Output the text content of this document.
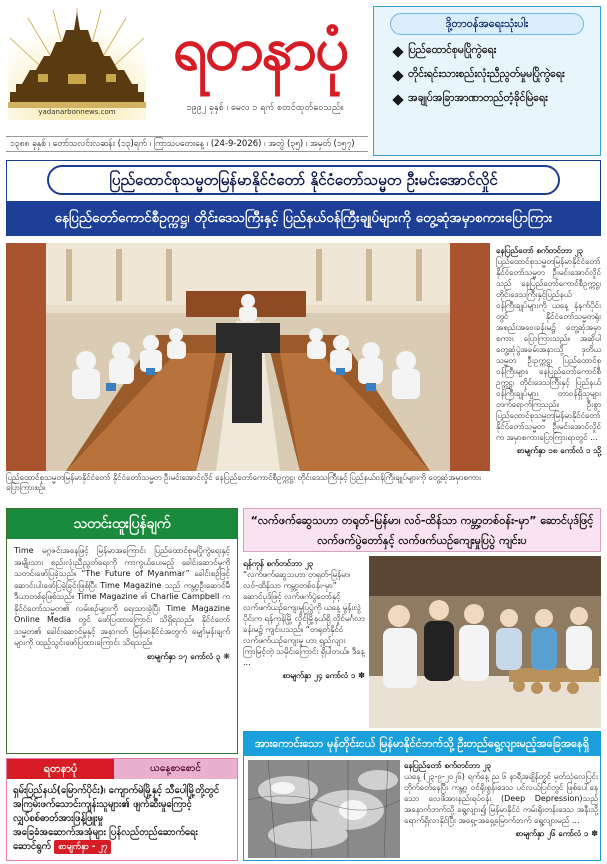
yadanarbonnews.com
ရတနာပုံ
၁၉၉၂ ခုနှစ် ၊ မေလ ၁ ရက် စတင်ထုတ်ဝေသည်။
ဒို့တာဝန်အရေးသုံးပါး
ပြည်ထောင်စုမပြိုကွဲရေး
တိုင်းရင်းသားစည်းလုံးညီညွတ်မှုမပြိုကွဲရေး
အချုပ်အခြာအာဏာတည်တံ့ခိုင်မြဲရေး
၁၃၈၈ ခုနှစ် ၊ တော်သလင်းလဆန်း (၁၃)ရက် ၊ ကြာသပတေးနေ့ ၊ (24-9-2026) ၊ အတွဲ (၃၅) ၊ အမှတ် (၁၅၇)
ပြည်ထောင်စုသမ္မတမြန်မာနိုင်ငံတော် နိုင်ငံတော်သမ္မတ ဦးမင်းအောင်လှိုင်
နေပြည်တော်ကောင်စီဥက္ကဋ္ဌ၊ တိုင်းဒေသကြီးနှင့် ပြည်နယ်ဝန်ကြီးချုပ်များကို တွေ့ဆုံအမှာစကားပြောကြား
ပြည်ထောင်စုသမ္မတမြန်မာနိုင်ငံတော် နိုင်ငံတော်သမ္မတ ဦးမင်းအောင်လှိုင် နေပြည်တော်ကောင်စီဥက္ကဋ္ဌ၊ တိုင်းဒေသကြီးနှင့် ပြည်နယ်ဝန်ကြီးချုပ်များကို တွေ့ဆုံအမှာစကား ပြောကြားစဉ်။
နေပြည်တော် စက်တင်ဘာ ၂၃
ပြည်ထောင်စုသမ္မတမြန်မာနိုင်ငံတော် နိုင်ငံတော်သမ္မတ ဦးမင်းအောင်လှိုင်သည် နေပြည်တော်ကောင်စီဥက္ကဋ္ဌ၊ တိုင်းဒေသကြီးနှင့်ပြည်နယ်ဝန်ကြီးချုပ်များကို ယနေ့ နံနက်ပိုင်းတွင် နိုင်ငံတော်သမ္မတရုံး အစည်းအဝေးခန်းမ၌ တွေ့ဆုံအမှာစကား ပြောကြားသည်။ အဆိုပါ တွေ့ဆုံပွဲအခမ်းအနားသို့ ဒုတိယသမ္မတ ဦးဥက္ကဋ္ဌ၊ ပြည်ထောင်စု ဝန်ကြီးများ၊ နေပြည်တော်ကောင်စီဥက္ကဋ္ဌ၊ တိုင်းဒေသကြီးနှင့် ပြည်နယ်ဝန်ကြီးချုပ်များ တာဝန်ရှိသူများ တက်ရောက်ကြသည်။ ဦးစွာ ပြည်ထောင်စုသမ္မတမြန်မာနိုင်ငံတော် နိုင်ငံတော်သမ္မတ ဦးမင်းအောင်လှိုင်က အမှာစကားပြောကြားရာတွင် ...
စာမျက်နှာ ၁၈ ကော်လံ ၁ သို့
သတင်းထူးပြန်ချက်
Time မဂ္ဂဇင်းအနေဖြင့် မြန်မာအကြောင်း ပြည်ထောင်စုမပြိုကွဲရေးနှင့် အမျိုးသား စည်းလုံးညီညွတ်ရေးကို ကာကွယ်ပေးမည့် ခေါင်းဆောင်မှုကို သတင်းဖော်ပြခဲ့သည်။ “The Future of Myanmar” ခေါင်းစဉ်ဖြင့် ဆောင်းပါးဖော်ပြခဲ့ခြင်းဖြစ်ပြီး Time Magazine သည် ကမ္ဘာ့ဦးဆောင်မီဒီယာတစ်ခုဖြစ်သည်။ Time Magazine ၏ Charlie Campbell က နိုင်ငံတော်သမ္မတ၏ လမ်းစဉ်များကို ရေးသားခဲ့ပြီး Time Magazine Online Media တွင် ဖော်ပြထားကြောင်း သိရှိရသည်။ နိုင်ငံတော်သမ္မတ၏ ခေါင်းဆောင်မှုနှင့် အနာဂတ် မြန်မာနိုင်ငံအတွက် မျှော်မှန်းချက်များကို ထည့်သွင်းဖော်ပြထားကြောင်း သိရသည်။
စာမျက်နှာ ၁၇ ကော်လံ ၃ ❋
“လက်ဖက်ဆွေသဟာ တရုတ်-မြန်မာ၊ လဝ်-ထိန်သာ ကမ္ဘာ့တစ်ဝန်း-မှာ” ဆောင်ပုဒ်ဖြင့် လက်ဖက်ပွဲတော်နှင့် လက်ဖက်ယဉ်ကျေးမှုပြပွဲ ကျင်းပ
ရန်ကုန် စက်တင်ဘာ ၂၃
“လက်ဖက်ဆွေသဟာ တရုတ်-မြန်မာ၊ လဝ်-ထိန်သာ ကမ္ဘာ့တစ်ဝန်း-မှာ” ဆောင်ပုဒ်ဖြင့် လက်ဖက်ပွဲတော်နှင့် လက်ဖက်ယဉ်ကျေးမှုပြပွဲကို ယနေ့ မွန်းလွဲပိုင်းက ရန်ကုန်မြို့ လှိုင်မြို့နယ်ရှိ လှိုင်မင်္ဂလာခန်းမ၌ ကျင်းပသည်။ “တရုတ်နိုင်ငံ လက်ဖက်ယဉ်ကျေးမှု ဟာ ရှည်လျားကြာမြင့်တဲ့ သမိုင်းကြောင်း ရှိပါတယ်။ ဒီနေ့ ...
စာမျက်နှာ ၂၄ ကော်လံ ၁ ✽
အားကောင်းသော မုန်တိုင်းငယ် မြန်မာနိုင်ငံဘက်သို့ ဦးတည်ရွေ့လျားမည့်အခြေအနေရှိ
နေပြည်တော် စက်တင်ဘာ ၂၃
ယနေ့ (၂၃-၉-၂၀၂၆) ရက်နေ့ ည ၆ နာရီအချိန်တွင် မုတ်သုံလေပြင်းတိုက်ခတ်နေပြီး ကမ္ဘာ့ ဝင်ရိုးစွန်းဒေသ ပင်လယ်ပြင်တွင် ဖြစ်ပေါ်နေသော လေဖိအားနည်းရပ်ဝန်း (Deep Depression)သည် အနောက်ဘက်သို့ ရွေ့လျား၍ မြန်မာနိုင်ငံ ကမ်းရိုးတန်းဒေသ အနီးသို့ ရောက်ရှိလာနိုင်ပြီး အရှေ့-အရှေ့မြောက်ဘက် ရွေ့လျားမည် ...
စာမျက်နှာ ၂၆ ကော်လံ ၁ ✽
ရတနာပုံ	ယနေ့စာစောင်
ရှမ်းပြည်နယ်(မြောက်ပိုင်း)၊ ကျောက်မဲမြို့နှင့် သီပေါမြို့တို့တွင် အကြမ်းဖက်သောင်းကျန်းသူများ၏ ဖျက်ဆီးမှုကြောင့် လျှပ်စစ်ဓာတ်အားဖြန့်ဖြူးမှု
အခြေခံအဆောက်အအုံများ ပြန်လည်တည်ဆောက်ရေး ဆောင်ရွက် စာမျက်နှာ - ၂၇
